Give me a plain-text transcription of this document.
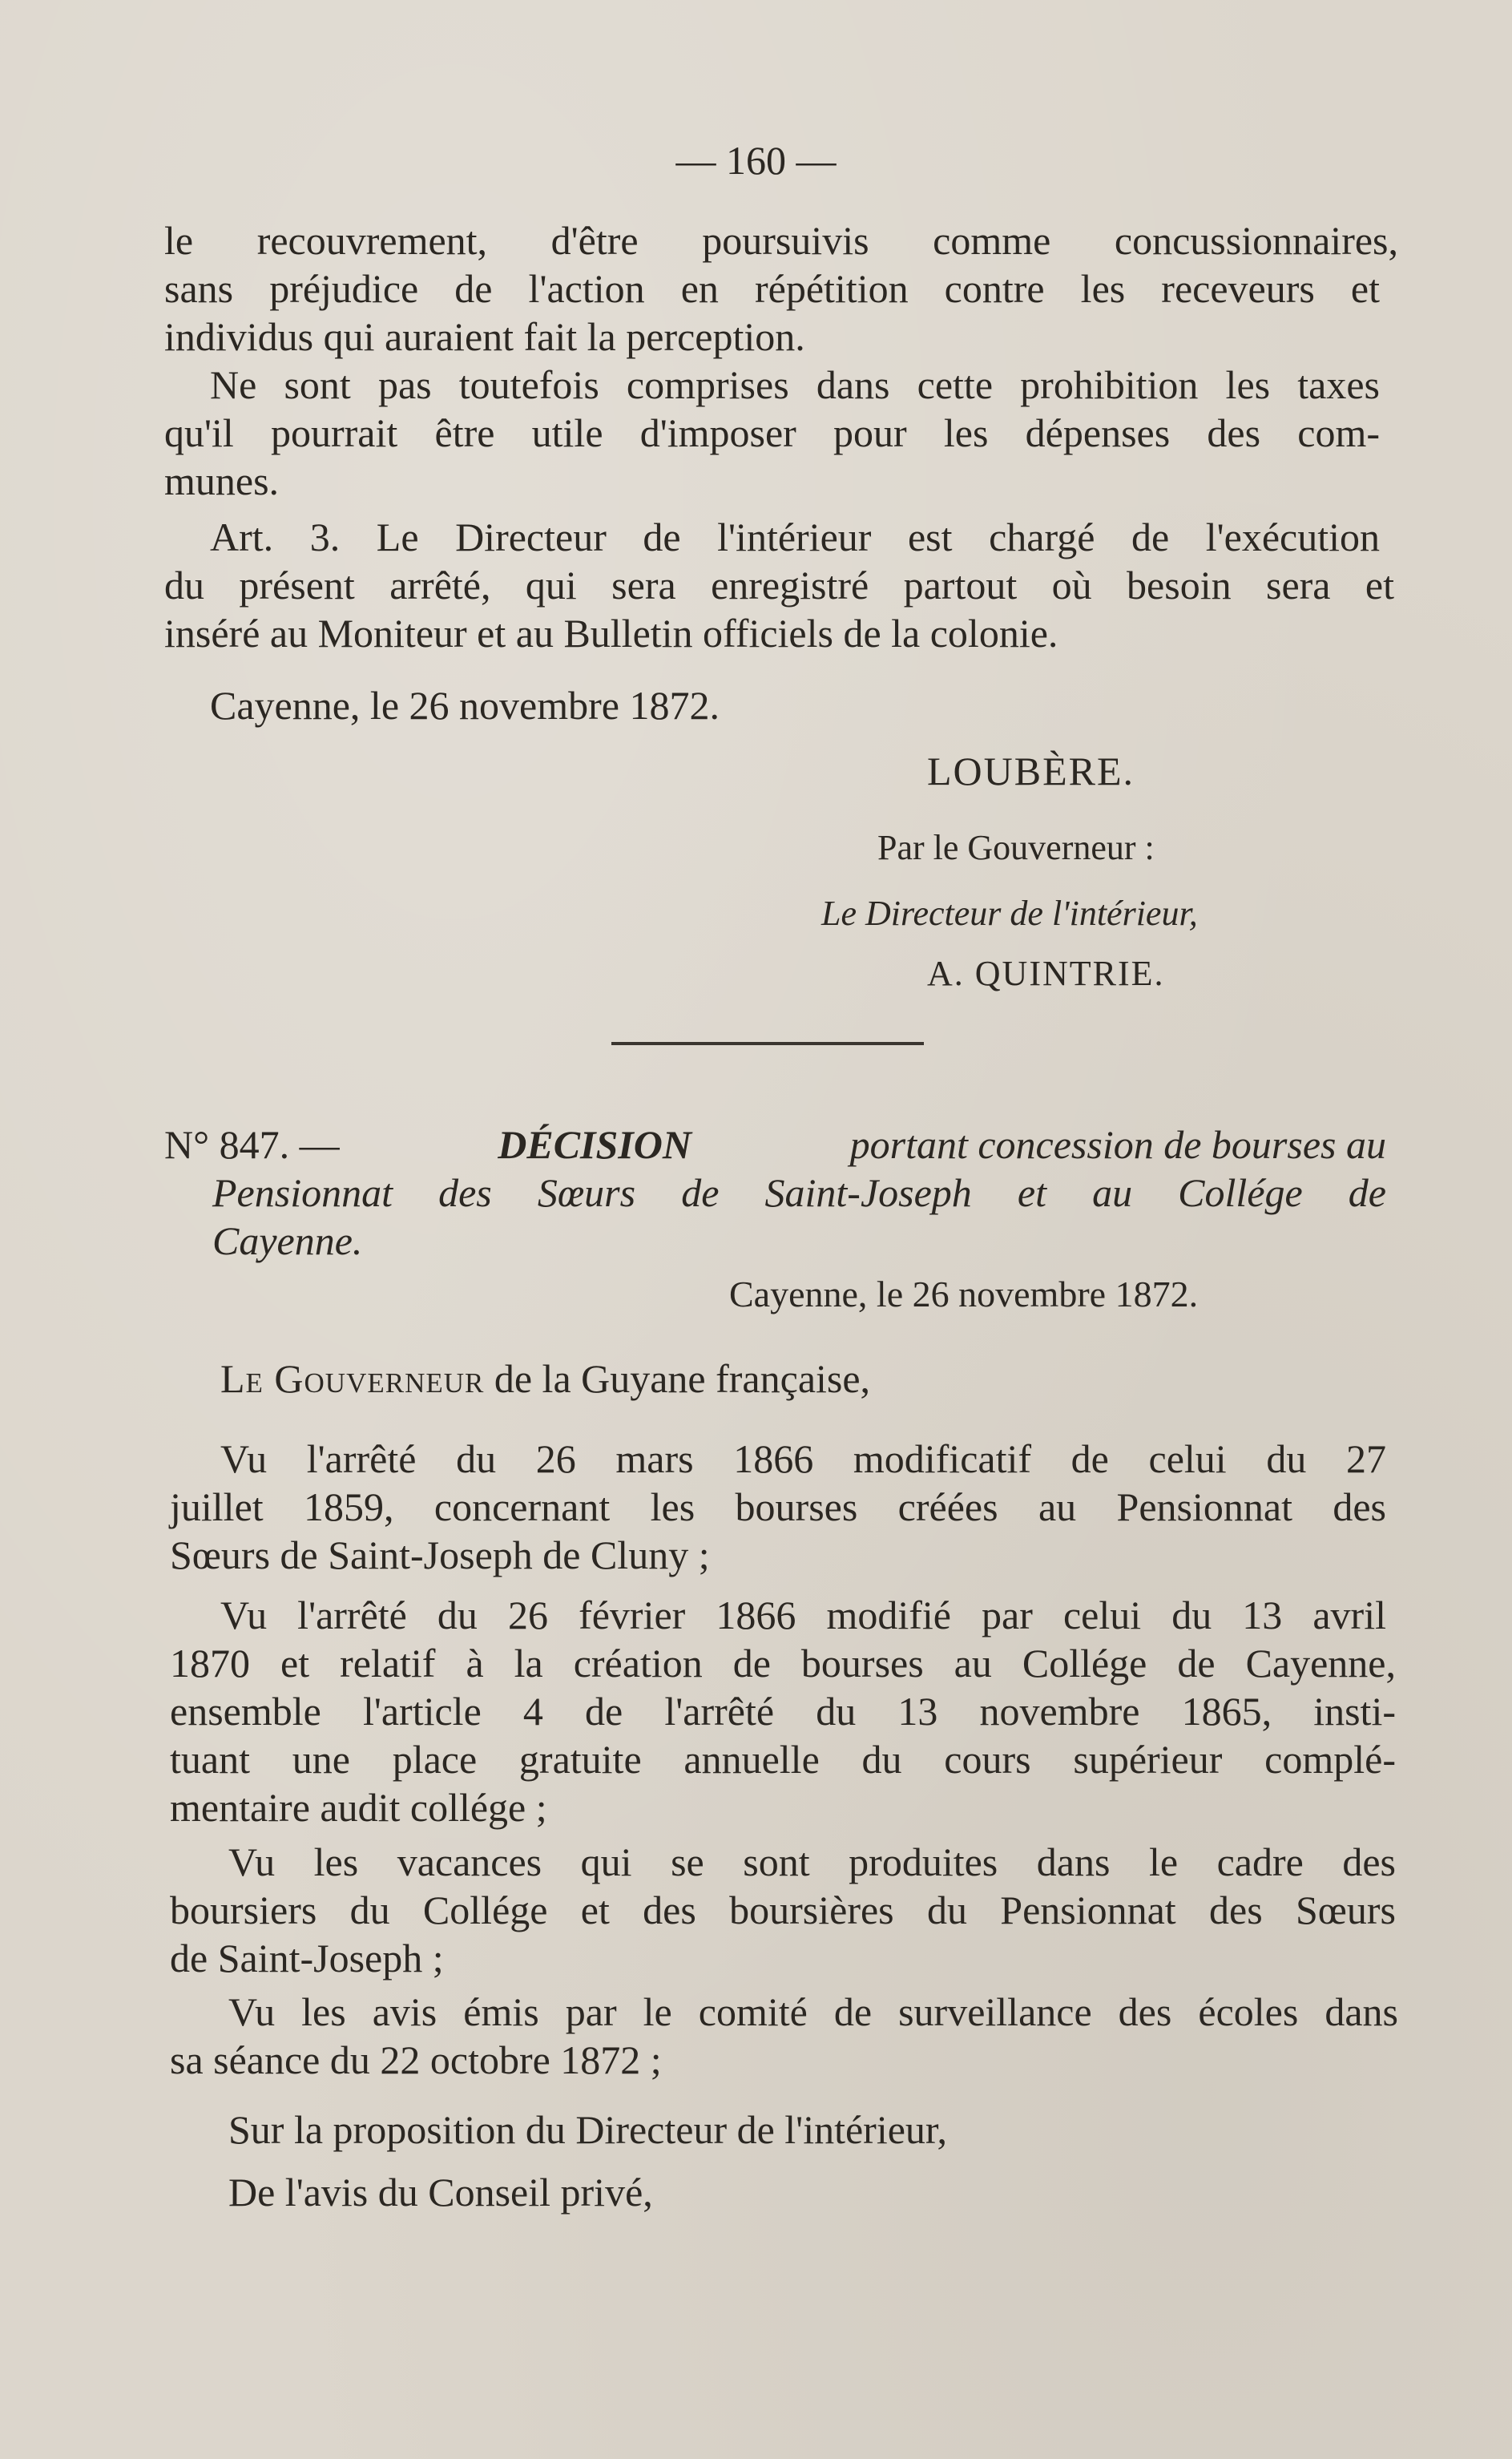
— 160 —
le recouvrement, d'être poursuivis comme concussionnaires,
sans préjudice de l'action en répétition contre les receveurs et
individus qui auraient fait la perception.
Ne sont pas toutefois comprises dans cette prohibition les taxes
qu'il pourrait être utile d'imposer pour les dépenses des com-
munes.
Art. 3. Le Directeur de l'intérieur est chargé de l'exécution
du présent arrêté, qui sera enregistré partout où besoin sera et
inséré au Moniteur et au Bulletin officiels de la colonie.
Cayenne, le 26 novembre 1872.
LOUBÈRE.
Par le Gouverneur :
Le Directeur de l'intérieur,
A. QUINTRIE.
N° 847. —	DÉCISION	portant concession de bourses au
Pensionnat des Sœurs de Saint-Joseph et au Collége de
Cayenne.
Cayenne, le 26 novembre 1872.
Le Gouverneur de la Guyane française,
Vu l'arrêté du 26 mars 1866 modificatif de celui du 27
juillet 1859, concernant les bourses créées au Pensionnat des
Sœurs de Saint-Joseph de Cluny ;
Vu l'arrêté du 26 février 1866 modifié par celui du 13 avril
1870 et relatif à la création de bourses au Collége de Cayenne,
ensemble l'article 4 de l'arrêté du 13 novembre 1865, insti-
tuant une place gratuite annuelle du cours supérieur complé-
mentaire audit collége ;
Vu les vacances qui se sont produites dans le cadre des
boursiers du Collége et des boursières du Pensionnat des Sœurs
de Saint-Joseph ;
Vu les avis émis par le comité de surveillance des écoles dans
sa séance du 22 octobre 1872 ;
Sur la proposition du Directeur de l'intérieur,
De l'avis du Conseil privé,
